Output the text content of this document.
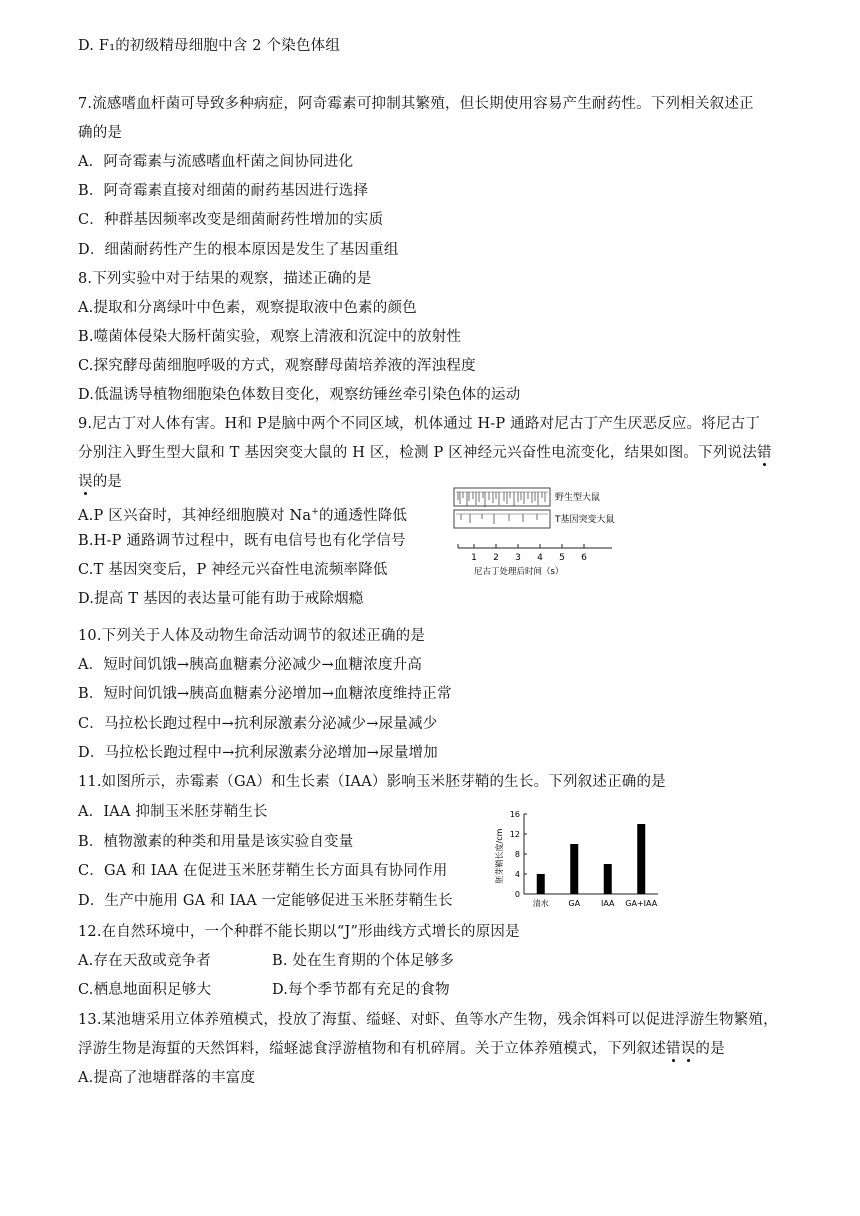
D. F₁的初级精母细胞中含 2 个染色体组
7.流感嗜血杆菌可导致多种病症，阿奇霉素可抑制其繁殖，但长期使用容易产生耐药性。下列相关叙述正
确的是
A．阿奇霉素与流感嗜血杆菌之间协同进化
B．阿奇霉素直接对细菌的耐药基因进行选择
C．种群基因频率改变是细菌耐药性增加的实质
D．细菌耐药性产生的根本原因是发生了基因重组
8.下列实验中对于结果的观察，描述正确的是
A.提取和分离绿叶中色素，观察提取液中色素的颜色
B.噬菌体侵染大肠杆菌实验，观察上清液和沉淀中的放射性
C.探究酵母菌细胞呼吸的方式，观察酵母菌培养液的浑浊程度
D.低温诱导植物细胞染色体数目变化，观察纺锤丝牵引染色体的运动
9.尼古丁对人体有害。H和 P是脑中两个不同区域，机体通过 H-P 通路对尼古丁产生厌恶反应。将尼古丁
分别注入野生型大鼠和 T 基因突变大鼠的 H 区，检测 P 区神经元兴奋性电流变化，结果如图。下列说法错
误的是
A.P 区兴奋时，其神经细胞膜对 Na+的通透性降低
B.H-P 通路调节过程中，既有电信号也有化学信号
C.T 基因突变后，P 神经元兴奋性电流频率降低
D.提高 T 基因的表达量可能有助于戒除烟瘾
野生型大鼠
T基因突变大鼠
1 2 3 4 5 6
尼古丁处理后时间（s）
10.下列关于人体及动物生命活动调节的叙述正确的是
A．短时间饥饿→胰高血糖素分泌减少→血糖浓度升高
B．短时间饥饿→胰高血糖素分泌增加→血糖浓度维持正常
C．马拉松长跑过程中→抗利尿激素分泌减少→尿量减少
D．马拉松长跑过程中→抗利尿激素分泌增加→尿量增加
11.如图所示，赤霉素（GA）和生长素（IAA）影响玉米胚芽鞘的生长。下列叙述正确的是
A．IAA 抑制玉米胚芽鞘生长
B．植物激素的种类和用量是该实验自变量
C．GA 和 IAA 在促进玉米胚芽鞘生长方面具有协同作用
D．生产中施用 GA 和 IAA 一定能够促进玉米胚芽鞘生长
胚芽鞘长度/cm
0
4
8
12
16
清水 GA	IAA GA+IAA
12.在自然环境中，一个种群不能长期以“J”形曲线方式增长的原因是
A.存在天敌或竞争者	B. 处在生育期的个体足够多
C.栖息地面积足够大	D.每个季节都有充足的食物
13.某池塘采用立体养殖模式，投放了海蜇、缢蛏、对虾、鱼等水产生物，残余饵料可以促进浮游生物繁殖，
浮游生物是海蜇的天然饵料，缢蛏滤食浮游植物和有机碎屑。关于立体养殖模式，下列叙述错误的是
A.提高了池塘群落的丰富度
